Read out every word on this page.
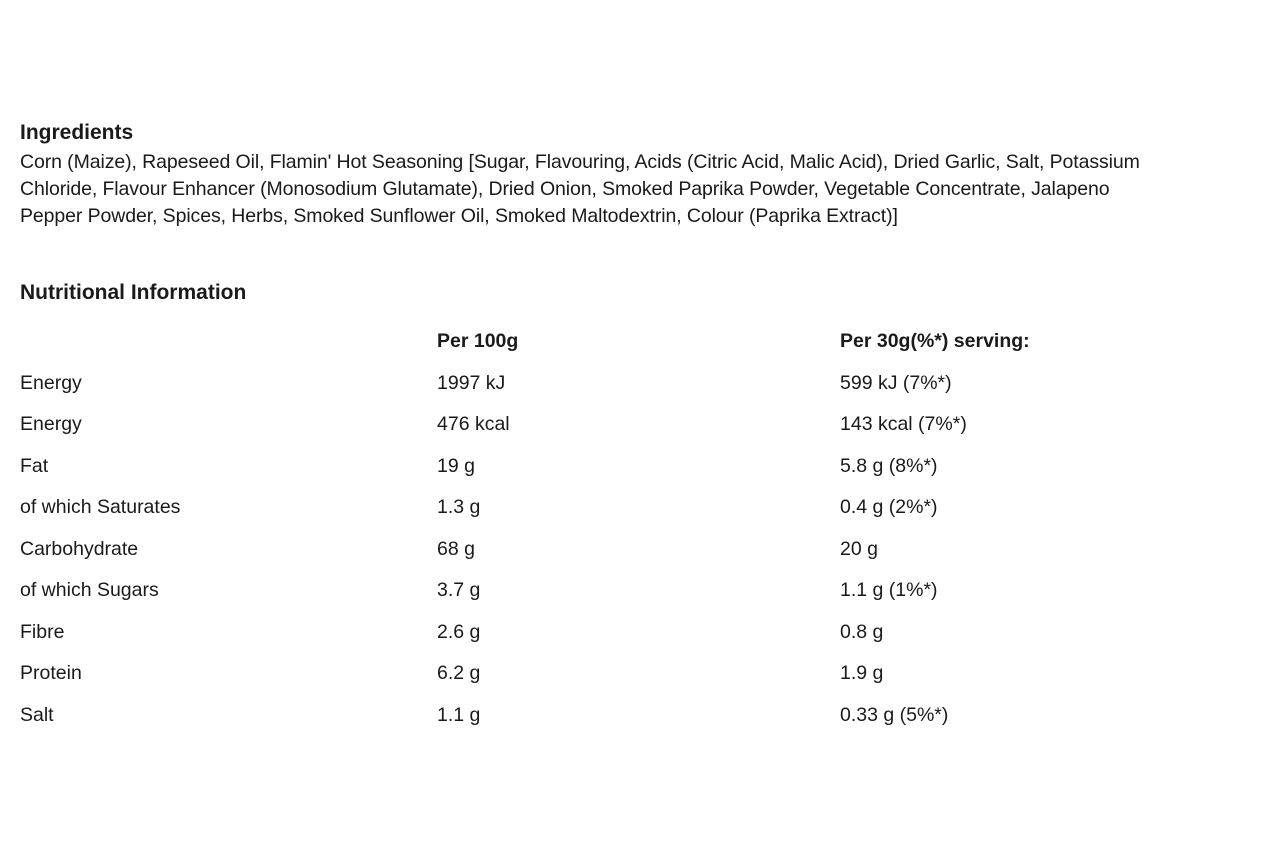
Ingredients

Corn (Maize), Rapeseed Oil, Flamin' Hot Seasoning [Sugar, Flavouring, Acids (Citric Acid, Malic Acid), Dried Garlic, Salt, Potassium
Chloride, Flavour Enhancer (Monosodium Glutamate), Dried Onion, Smoked Paprika Powder, Vegetable Concentrate, Jalapeno
Pepper Powder, Spices, Herbs, Smoked Sunflower Oil, Smoked Maltodextrin, Colour (Paprika Extract)]

Nutritional Information
	Per 100g	Per 30g(%*) serving:
Energy	1997 kJ	599 kJ (7%*)
Energy	476 kcal	143 kcal (7%*)
Fat	19 g	5.8 g (8%*)
of which Saturates	1.3 g	0.4 g (2%*)
Carbohydrate	68 g	20 g
of which Sugars	3.7 g	1.1 g (1%*)
Fibre	2.6 g	0.8 g
Protein	6.2 g	1.9 g
Salt	1.1 g	0.33 g (5%*)
